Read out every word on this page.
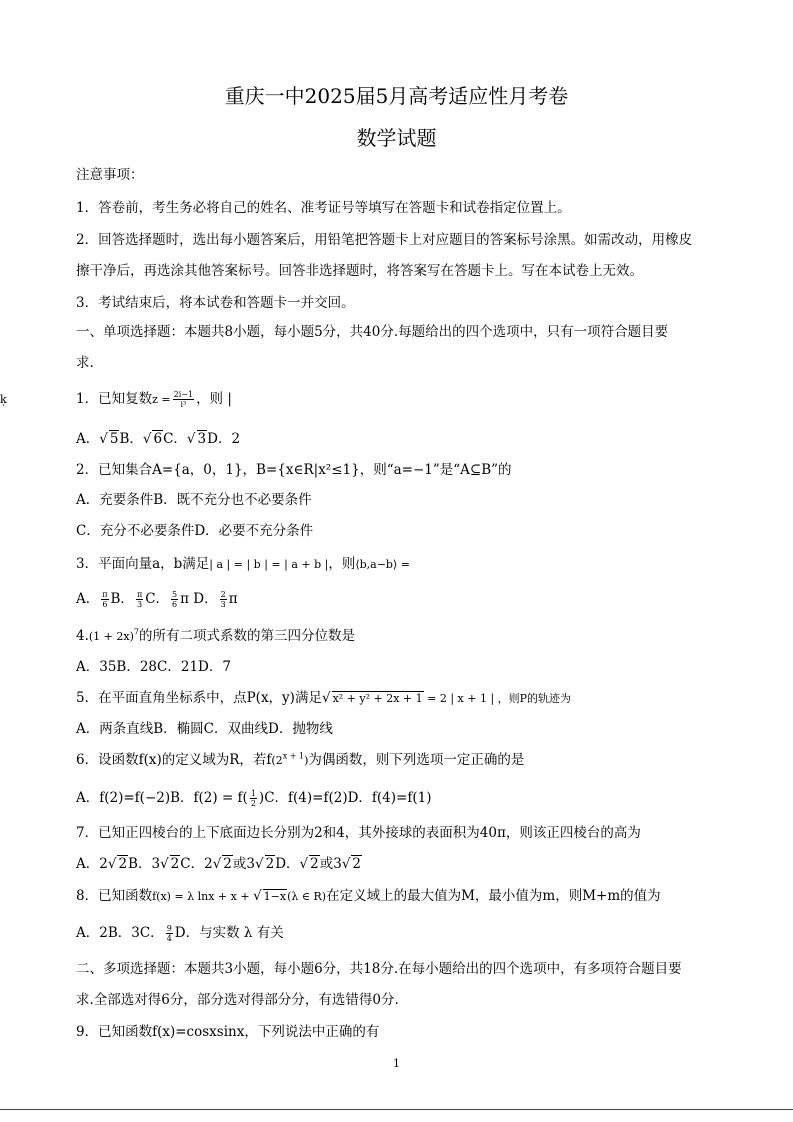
重庆一中2025届5月高考适应性月考卷
数学试题
注意事项：
1．答卷前，考生务必将自己的姓名、准考证号等填写在答题卡和试卷指定位置上。
2．回答选择题时，选出每小题答案后，用铅笔把答题卡上对应题目的答案标号涂黑。如需改动，用橡皮
擦干净后，再选涂其他答案标号。回答非选择题时，将答案写在答题卡上。写在本试卷上无效。
3．考试结束后，将本试卷和答题卡一并交回。
一、单项选择题：本题共8小题，每小题5分，共40分.每题给出的四个选项中，只有一项符合题目要
求.
ḳ	1．已知复数$z = \frac{2i-1}{\text{i³}}$ ，则 |
A．√ 5B．√ 6C．√ 3D．2
2．已知集合A={a，0，1}，B={x∈R|x²≤1}，则“a=−1”是“A⊆B”的
A．充要条件B．既不充分也不必要条件
C．充分不必要条件D．必要不充分条件
3．平面向量a，b满足| a | = | b | = | a + b |，则⟨b,a−b⟩ =
A． $\frac{\pi}{6}$ B． $\frac{\pi}{3}$ C． $\frac{5}{6}$ π D． $\frac{2}{3}$ π
$4.(1 + 2x)^7$的所有二项式系数的第三四分位数是
A．35B．28C．21D．7
5．在平面直角坐标系中，点P(x，y)满足√ x² + y² + 2x + 1 = 2 | x + 1 | ，则P的轨迹为
A．两条直线B．椭圆C．双曲线D．抛物线
6．设函数f(x)的定义域为R，若$f(2^{x + 1})$为偶函数，则下列选项一定正确的是
A．f(2)=f(−2)B．$f(2) = f( \frac{1}{2} )C$．f(4)=f(2)D．f(4)=f(1)
7．已知正四棱台的上下底面边长分别为2和4，其外接球的表面积为40π，则该正四棱台的高为
A．2√ 2B．3√ 2C．2√ 2或3√ 2D．√ 2或3√ 2
8．已知函数f(x) = λ lnx + x + √ 1−x(λ ∈ R)在定义域上的最大值为M，最小值为m，则M+m的值为
A．2B．3C． $\frac{9}{4}$ D．与实数 λ 有关
二、多项选择题：本题共3小题，每小题6分，共18分.在每小题给出的四个选项中，有多项符合题目要
求.全部选对得6分，部分选对得部分分，有选错得0分.
9．已知函数f(x)=cosxsinx，下列说法中正确的有
1
